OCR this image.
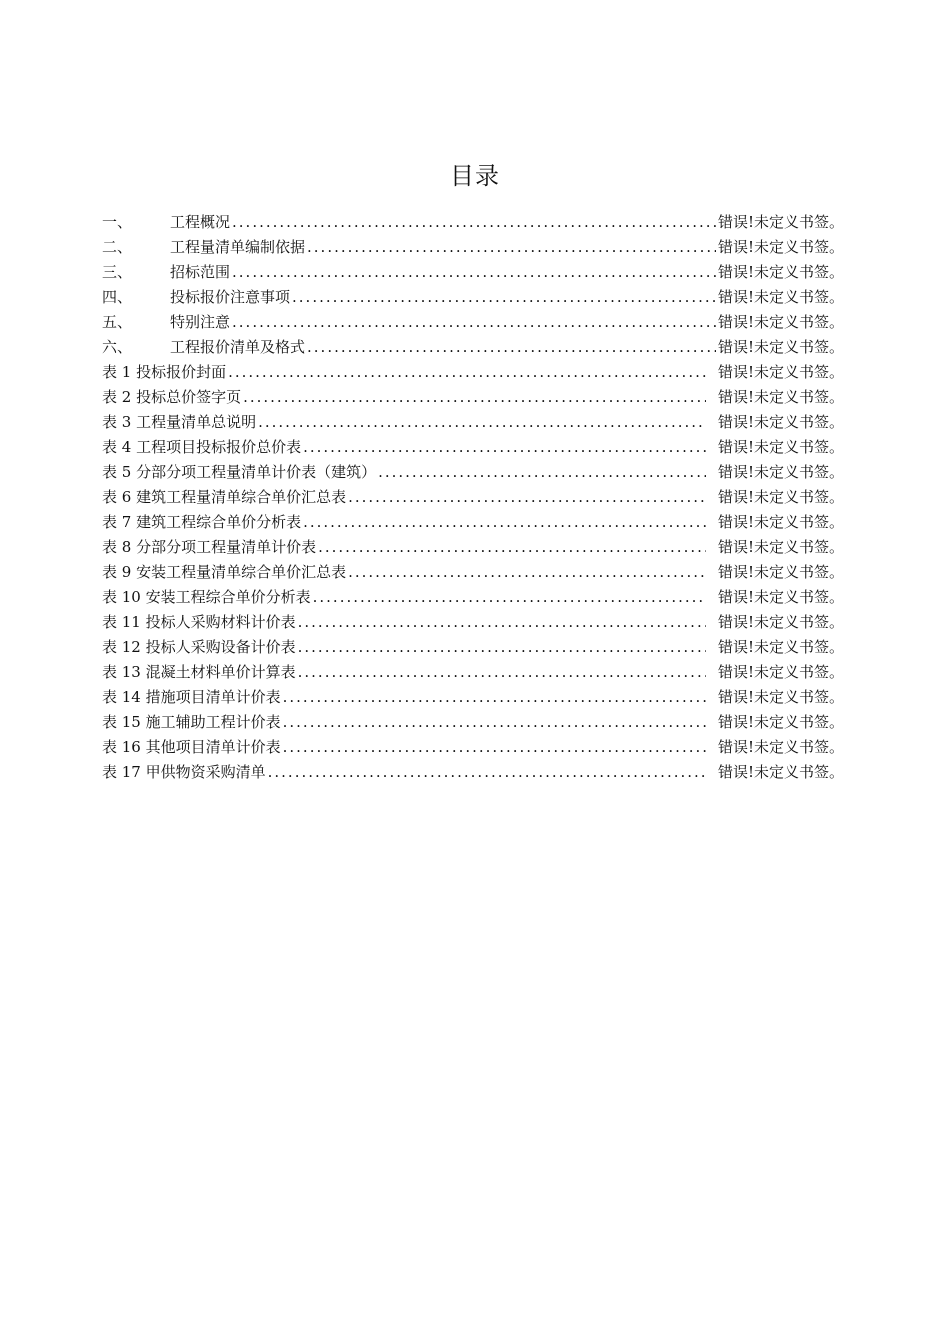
目录
一、	工程概况 .....	错误!未定义书签。
二、	工程量清单编制依据 .....	错误!未定义书签。
三、	招标范围 .....	错误!未定义书签。
四、	投标报价注意事项 .....	错误!未定义书签。
五、	特别注意 .....	错误!未定义书签。
六、	工程报价清单及格式 .....	错误!未定义书签。
表 1 投标报价封面 .....	错误!未定义书签。
表 2 投标总价签字页 .....	错误!未定义书签。
表 3 工程量清单总说明 .....	错误!未定义书签。
表 4 工程项目投标报价总价表 .....	错误!未定义书签。
表 5 分部分项工程量清单计价表（建筑） .....	错误!未定义书签。
表 6 建筑工程量清单综合单价汇总表 .....	错误!未定义书签。
表 7 建筑工程综合单价分析表 .....	错误!未定义书签。
表 8 分部分项工程量清单计价表 .....	错误!未定义书签。
表 9 安装工程量清单综合单价汇总表 .....	错误!未定义书签。
表 10 安装工程综合单价分析表 .....	错误!未定义书签。
表 11 投标人采购材料计价表 .....	错误!未定义书签。
表 12 投标人采购设备计价表 .....	错误!未定义书签。
表 13 混凝土材料单价计算表 .....	错误!未定义书签。
表 14 措施项目清单计价表 .....	错误!未定义书签。
表 15 施工辅助工程计价表 .....	错误!未定义书签。
表 16 其他项目清单计价表 .....	错误!未定义书签。
表 17 甲供物资采购清单 .....	错误!未定义书签。
